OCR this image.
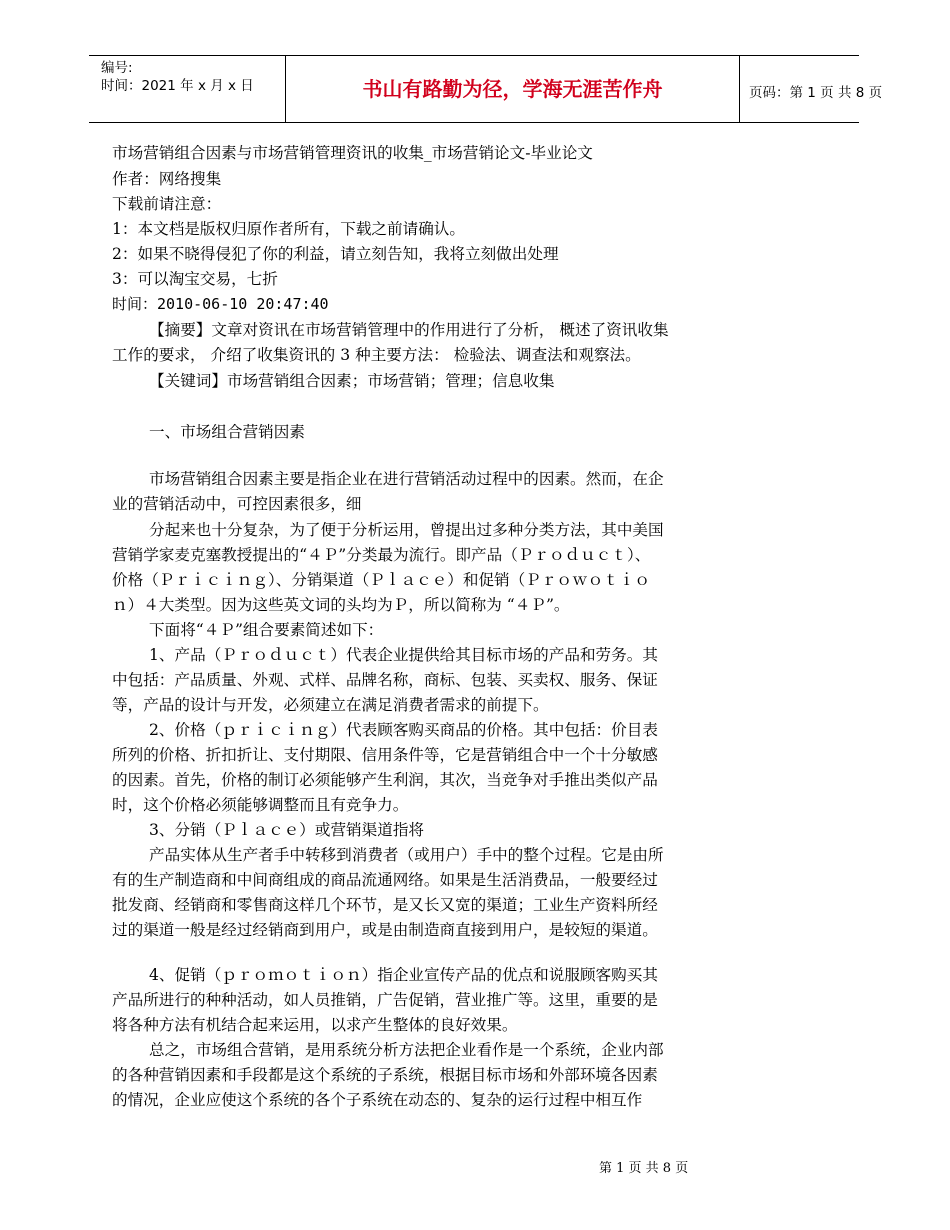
编号:
时间：2021 年 x 月 x 日	书山有路勤为径，学海无涯苦作舟	页码：第 1 页 共 8 页
市场营销组合因素与市场营销管理资讯的收集_市场营销论文-毕业论文
作者：网络搜集
下载前请注意：
1：本文档是版权归原作者所有，下载之前请确认。
2：如果不晓得侵犯了你的利益，请立刻告知，我将立刻做出处理
3：可以淘宝交易，七折
时间：2010-06-10 20:47:40
【摘要】文章对资讯在市场营销管理中的作用进行了分析， 概述了资讯收集
工作的要求， 介绍了收集资讯的 3 种主要方法： 检验法、调查法和观察法。
【关键词】市场营销组合因素；市场营销；管理；信息收集
一、市场组合营销因素
市场营销组合因素主要是指企业在进行营销活动过程中的因素。然而，在企
业的营销活动中，可控因素很多，细
分起来也十分复杂，为了便于分析运用，曾提出过多种分类方法，其中美国
营销学家麦克塞教授提出的“４Ｐ”分类最为流行。即产品（Ｐｒｏｄｕｃｔ）、
价格（Ｐｒｉｃｉｎｇ）、分销渠道（Ｐｌａｃｅ）和促销（Ｐｒｏｗｏｔｉｏ
ｎ）４大类型。因为这些英文词的头均为Ｐ，所以简称为 “４Ｐ”。
下面将“４Ｐ”组合要素简述如下：
1、产品（Ｐｒｏｄｕｃｔ）代表企业提供给其目标市场的产品和劳务。其
中包括：产品质量、外观、式样、品牌名称，商标、包装、买卖权、服务、保证
等，产品的设计与开发，必须建立在满足消费者需求的前提下。
2、价格（ｐｒｉｃｉｎｇ）代表顾客购买商品的价格。其中包括：价目表
所列的价格、折扣折让、支付期限、信用条件等，它是营销组合中一个十分敏感
的因素。首先，价格的制订必须能够产生利润，其次，当竞争对手推出类似产品
时，这个价格必须能够调整而且有竞争力。
3、分销（Ｐｌａｃｅ）或营销渠道指将
产品实体从生产者手中转移到消费者（或用户）手中的整个过程。它是由所
有的生产制造商和中间商组成的商品流通网络。如果是生活消费品，一般要经过
批发商、经销商和零售商这样几个环节，是又长又宽的渠道；工业生产资料所经
过的渠道一般是经过经销商到用户，或是由制造商直接到用户，是较短的渠道。
4、促销（ｐｒｏｍｏｔｉｏｎ）指企业宣传产品的优点和说服顾客购买其
产品所进行的种种活动，如人员推销，广告促销，营业推广等。这里，重要的是
将各种方法有机结合起来运用，以求产生整体的良好效果。
总之，市场组合营销，是用系统分析方法把企业看作是一个系统，企业内部
的各种营销因素和手段都是这个系统的子系统，根据目标市场和外部环境各因素
的情况，企业应使这个系统的各个子系统在动态的、复杂的运行过程中相互作
第 1 页 共 8 页
